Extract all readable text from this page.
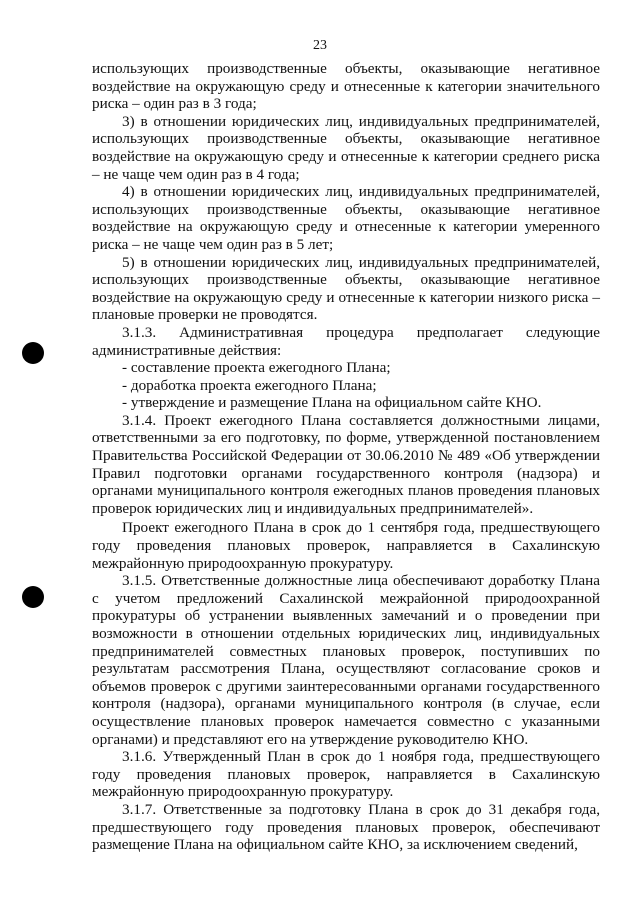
23

использующих производственные объекты, оказывающие негативное воздействие на окружающую среду и отнесенные к категории значительного риска – один раз в 3 года;

3) в отношении юридических лиц, индивидуальных предпринимателей, использующих производственные объекты, оказывающие негативное воздействие на окружающую среду и отнесенные к категории среднего риска – не чаще чем один раз в 4 года;

4) в отношении юридических лиц, индивидуальных предпринимателей, использующих производственные объекты, оказывающие негативное воздействие на окружающую среду и отнесенные к категории умеренного риска – не чаще чем один раз в 5 лет;

5) в отношении юридических лиц, индивидуальных предпринимателей, использующих производственные объекты, оказывающие негативное воздействие на окружающую среду и отнесенные к категории низкого риска – плановые проверки не проводятся.

3.1.3. Административная процедура предполагает следующие административные действия:

- составление проекта ежегодного Плана;

- доработка проекта ежегодного Плана;

- утверждение и размещение Плана на официальном сайте КНО.

3.1.4. Проект ежегодного Плана составляется должностными лицами, ответственными за его подготовку, по форме, утвержденной постановлением Правительства Российской Федерации от 30.06.2010 № 489 «Об утверждении Правил подготовки органами государственного контроля (надзора) и органами муниципального контроля ежегодных планов проведения плановых проверок юридических лиц и индивидуальных предпринимателей».

Проект ежегодного Плана в срок до 1 сентября года, предшествующего году проведения плановых проверок, направляется в Сахалинскую межрайонную природоохранную прокуратуру.

3.1.5. Ответственные должностные лица обеспечивают доработку Плана с учетом предложений Сахалинской межрайонной природоохранной прокуратуры об устранении выявленных замечаний и о проведении при возможности в отношении отдельных юридических лиц, индивидуальных предпринимателей совместных плановых проверок, поступивших по результатам рассмотрения Плана, осуществляют согласование сроков и объемов проверок с другими заинтересованными органами государственного контроля (надзора), органами муниципального контроля (в случае, если осуществление плановых проверок намечается совместно с указанными органами) и представляют его на утверждение руководителю КНО.

3.1.6. Утвержденный План в срок до 1 ноября года, предшествующего году проведения плановых проверок, направляется в Сахалинскую межрайонную природоохранную прокуратуру.

3.1.7. Ответственные за подготовку Плана в срок до 31 декабря года, предшествующего году проведения плановых проверок, обеспечивают размещение Плана на официальном сайте КНО, за исключением сведений,
